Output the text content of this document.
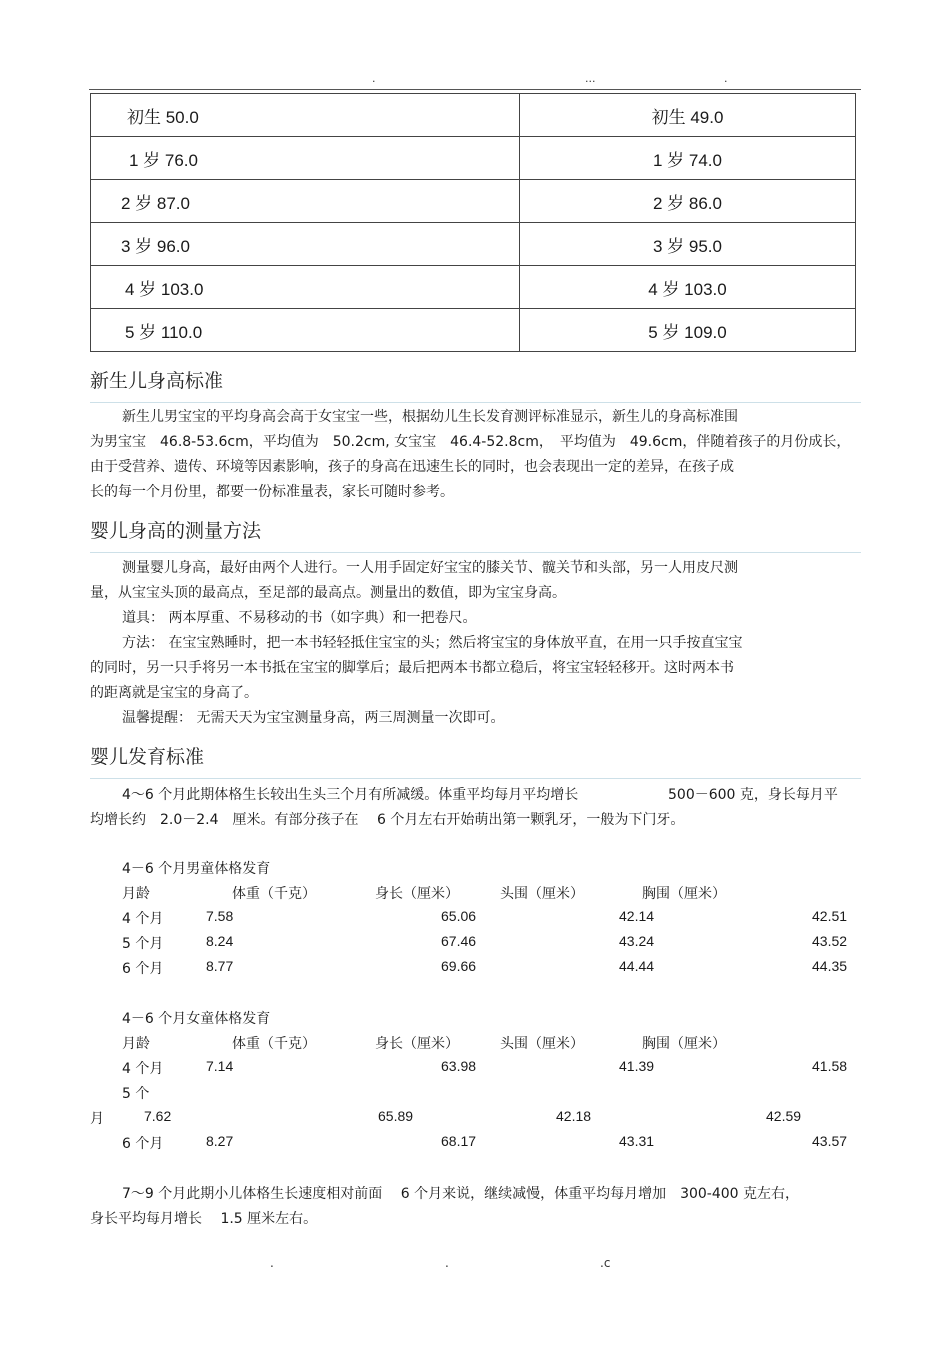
.	...	.
初生 50.0	初生 49.0
1 岁 76.0	1 岁 74.0
2 岁 87.0	2 岁 86.0
3 岁 96.0	3 岁 95.0
4 岁 103.0	4 岁 103.0
5 岁 110.0	5 岁 109.0
新生儿身高标准
新生儿男宝宝的平均身高会高于女宝宝一些，根据幼儿生长发育测评标准显示，新生儿的身高标准围
为男宝宝　46.8-53.6cm，平均值为　50.2cm, 女宝宝　46.4-52.8cm，　平均值为　49.6cm，伴随着孩子的月份成长，
由于受营养、遗传、环境等因素影响，孩子的身高在迅速生长的同时，也会表现出一定的差异，在孩子成
长的每一个月份里，都要一份标准量表，家长可随时参考。
婴儿身高的测量方法
测量婴儿身高，最好由两个人进行。一人用手固定好宝宝的膝关节、髋关节和头部，另一人用皮尺测
量，从宝宝头顶的最高点，至足部的最高点。测量出的数值，即为宝宝身高。
道具： 两本厚重、不易移动的书（如字典）和一把卷尺。
方法： 在宝宝熟睡时，把一本书轻轻抵住宝宝的头；然后将宝宝的身体放平直，在用一只手按直宝宝
的同时，另一只手将另一本书抵在宝宝的脚掌后；最后把两本书都立稳后，将宝宝轻轻移开。这时两本书
的距离就是宝宝的身高了。
温馨提醒： 无需天天为宝宝测量身高，两三周测量一次即可。
婴儿发育标准
4～6 个月此期体格生长较出生头三个月有所减缓。体重平均每月平均增长	500－600 克，身长每月平
均增长约　2.0－2.4　厘米。有部分孩子在　 6 个月左右开始萌出第一颗乳牙，一般为下门牙。
4－6 个月男童体格发育
月龄	体重（千克）	身长（厘米）	头围（厘米）	胸围（厘米）
4 个月	7.58	65.06	42.14	42.51
5 个月	8.24	67.46	43.24	43.52
6 个月	8.77	69.66	44.44	44.35
4－6 个月女童体格发育
月龄	体重（千克）	身长（厘米）	头围（厘米）	胸围（厘米）
4 个月	7.14	63.98	41.39	41.58
5 个
月	7.62	65.89	42.18	42.59
6 个月	8.27	68.17	43.31	43.57
7～9 个月此期小儿体格生长速度相对前面　 6 个月来说，继续减慢，体重平均每月增加　300-400 克左右，
身长平均每月增长　 1.5 厘米左右。
.	.	.c
